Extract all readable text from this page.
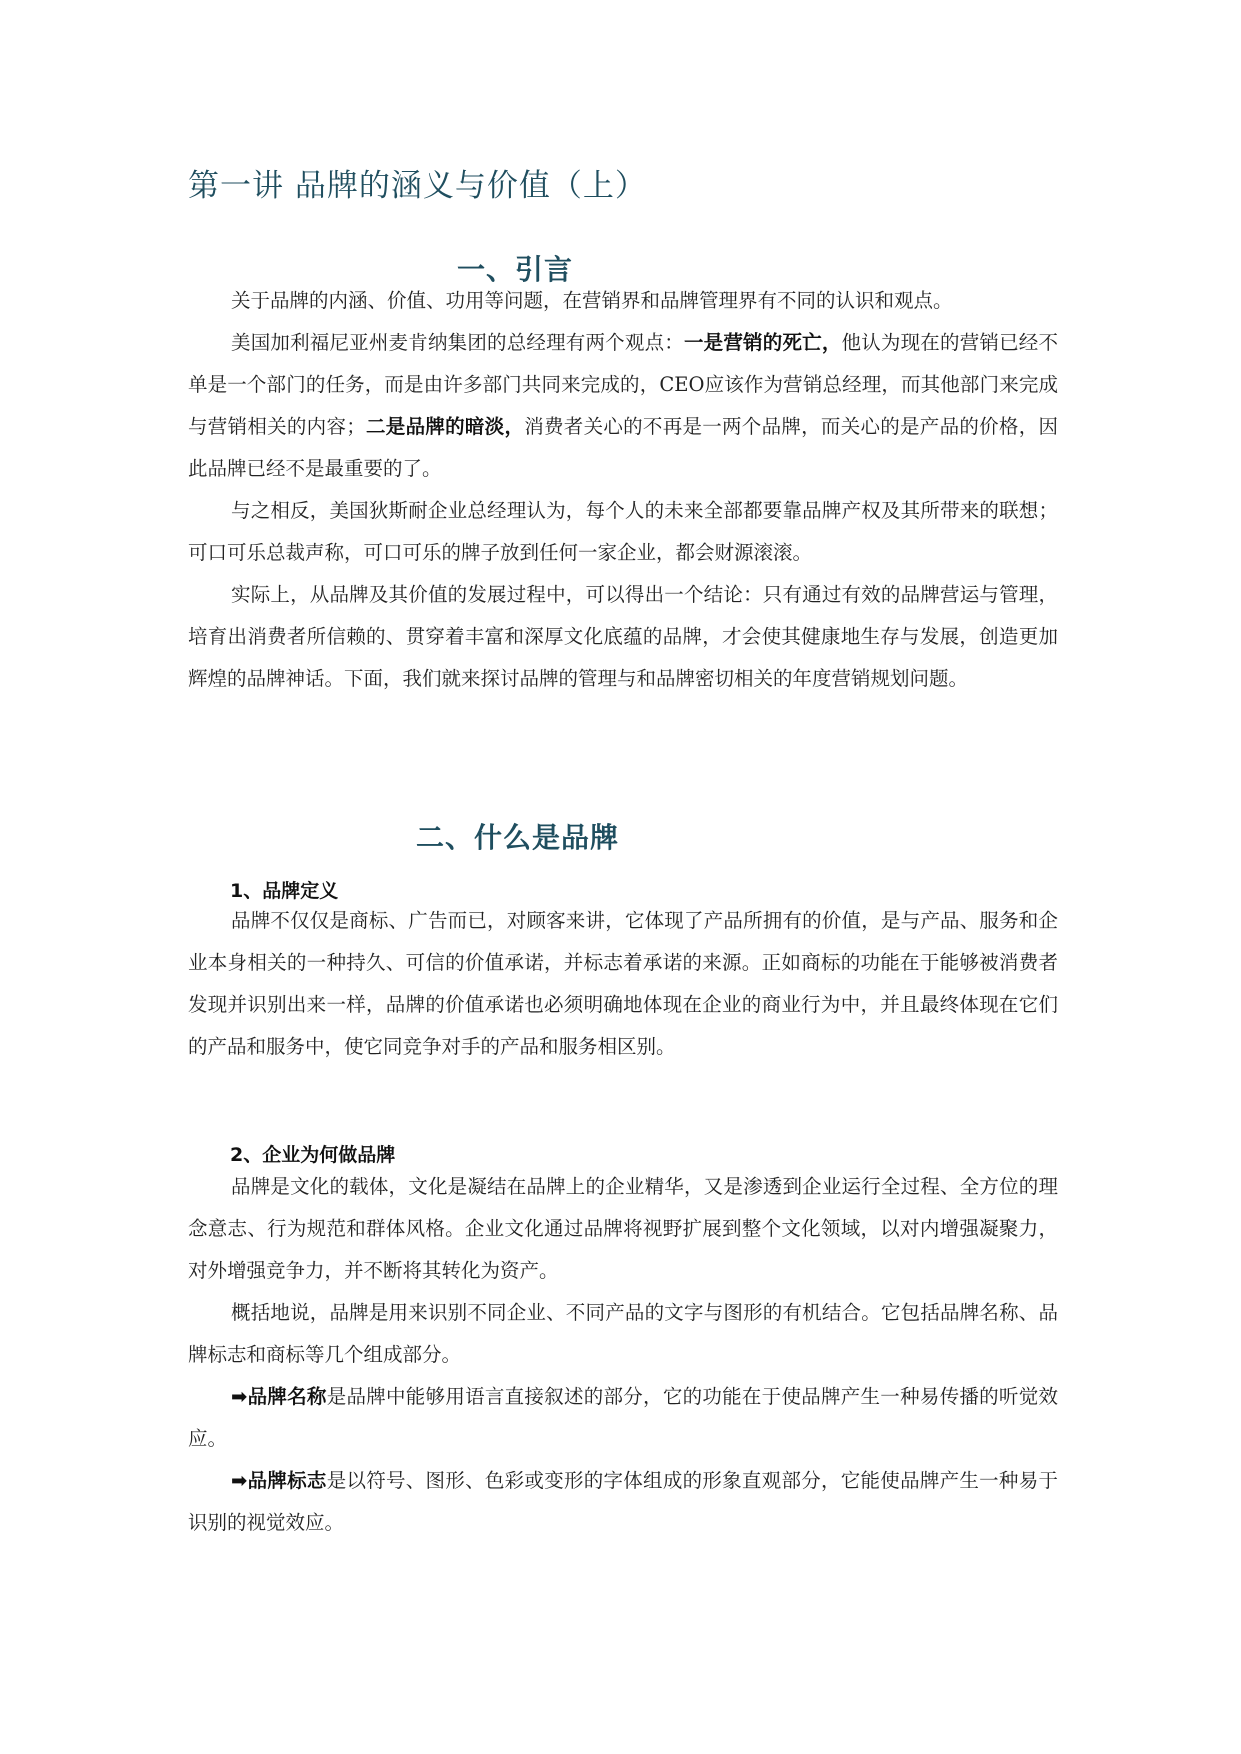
第一讲 品牌的涵义与价值（上）
一、引言

关于品牌的内涵、价值、功用等问题，在营销界和品牌管理界有不同的认识和观点。

美国加利福尼亚州麦肯纳集团的总经理有两个观点：一是营销的死亡，他认为现在的营销已经不单是一个部门的任务，而是由许多部门共同来完成的，CEO应该作为营销总经理，而其他部门来完成与营销相关的内容；二是品牌的暗淡，消费者关心的不再是一两个品牌，而关心的是产品的价格，因此品牌已经不是最重要的了。

与之相反，美国狄斯耐企业总经理认为，每个人的未来全部都要靠品牌产权及其所带来的联想；可口可乐总裁声称，可口可乐的牌子放到任何一家企业，都会财源滚滚。

实际上，从品牌及其价值的发展过程中，可以得出一个结论：只有通过有效的品牌营运与管理，培育出消费者所信赖的、贯穿着丰富和深厚文化底蕴的品牌，才会使其健康地生存与发展，创造更加辉煌的品牌神话。下面，我们就来探讨品牌的管理与和品牌密切相关的年度营销规划问题。

二、什么是品牌
1、品牌定义

品牌不仅仅是商标、广告而已，对顾客来讲，它体现了产品所拥有的价值，是与产品、服务和企业本身相关的一种持久、可信的价值承诺，并标志着承诺的来源。正如商标的功能在于能够被消费者发现并识别出来一样，品牌的价值承诺也必须明确地体现在企业的商业行为中，并且最终体现在它们的产品和服务中，使它同竞争对手的产品和服务相区别。

2、企业为何做品牌

品牌是文化的载体，文化是凝结在品牌上的企业精华，又是渗透到企业运行全过程、全方位的理念意志、行为规范和群体风格。企业文化通过品牌将视野扩展到整个文化领域，以对内增强凝聚力，对外增强竞争力，并不断将其转化为资产。

概括地说，品牌是用来识别不同企业、不同产品的文字与图形的有机结合。它包括品牌名称、品牌标志和商标等几个组成部分。

➡品牌名称是品牌中能够用语言直接叙述的部分，它的功能在于使品牌产生一种易传播的听觉效应。

➡品牌标志是以符号、图形、色彩或变形的字体组成的形象直观部分，它能使品牌产生一种易于识别的视觉效应。
